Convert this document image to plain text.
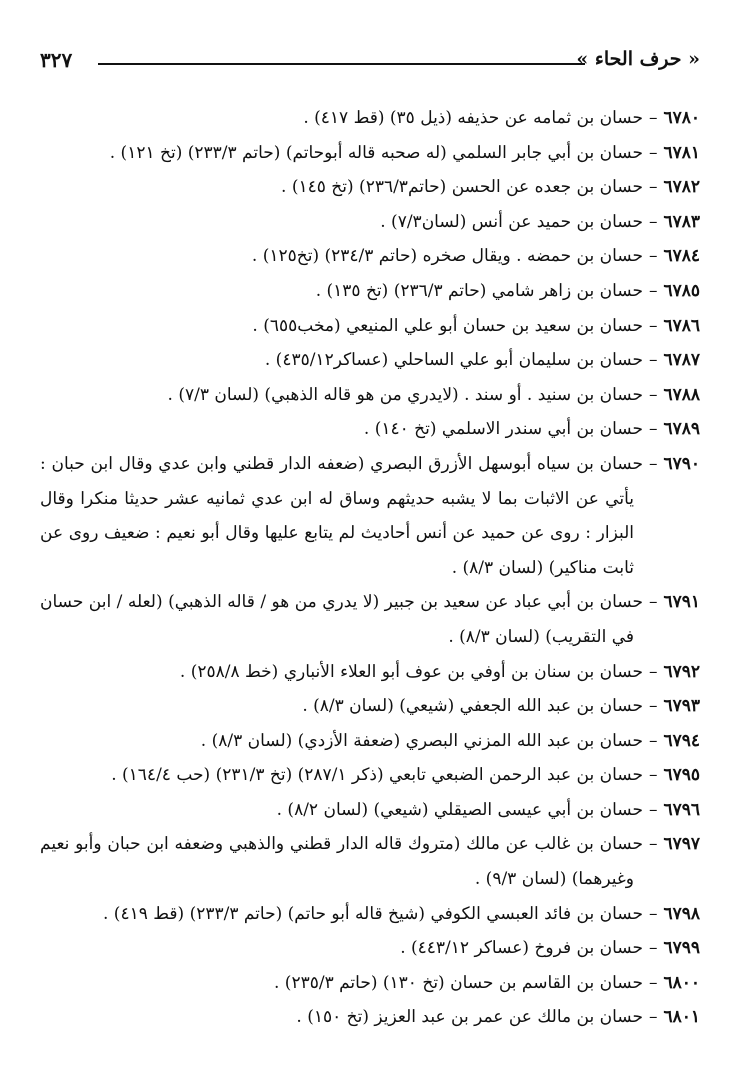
« حرف الحاء »
٣٢٧
٦٧٨٠–حسان بن ثمامه عن حذيفه (ذيل ٣٥) (قط ٤١٧) .
٦٧٨١–حسان بن أبي جابر السلمي (له صحبه قاله أبوحاتم) (حاتم ٢٣٣/٣) (تخ ١٢١) .
٦٧٨٢–حسان بن جعده عن الحسن (حاتم٢٣٦/٣) (تخ ١٤٥) .
٦٧٨٣–حسان بن حميد عن أنس (لسان٧/٣) .
٦٧٨٤–حسان بن حمضه . ويقال صخره (حاتم ٢٣٤/٣) (تخ١٢٥) .
٦٧٨٥–حسان بن زاهر شامي (حاتم ٢٣٦/٣) (تخ ١٣٥) .
٦٧٨٦–حسان بن سعيد بن حسان أبو علي المنيعي (مخب٦٥٥) .
٦٧٨٧–حسان بن سليمان أبو علي الساحلي (عساكر٤٣٥/١٢) .
٦٧٨٨–حسان بن سنيد . أو سند . (لايدري من هو قاله الذهبي) (لسان ٧/٣) .
٦٧٨٩–حسان بن أبي سندر الاسلمي (تخ ١٤٠) .
٦٧٩٠–حسان بن سياه أبوسهل الأزرق البصري (ضعفه الدار قطني وابن عدي وقال ابن حبان : يأتي عن الاثبات بما لا يشبه حديثهم وساق له ابن عدي ثمانيه عشر حديثا منكرا وقال البزار : روى عن حميد عن أنس أحاديث لم يتابع عليها وقال أبو نعيم : ضعيف روى عن ثابت مناكير) (لسان ٨/٣) .
٦٧٩١–حسان بن أبي عباد عن سعيد بن جبير (لا يدري من هو / قاله الذهبي) (لعله / ابن حسان في التقريب) (لسان ٨/٣) .
٦٧٩٢–حسان بن سنان بن أوفي بن عوف أبو العلاء الأنباري (خط ٢٥٨/٨) .
٦٧٩٣–حسان بن عبد الله الجعفي (شيعي) (لسان ٨/٣) .
٦٧٩٤–حسان بن عبد الله المزني البصري (ضعفة الأزدي) (لسان ٨/٣) .
٦٧٩٥–حسان بن عبد الرحمن الضبعي تابعي (ذكر ٢٨٧/١) (تخ ٢٣١/٣) (حب ١٦٤/٤) .
٦٧٩٦–حسان بن أبي عيسى الصيقلي (شيعي) (لسان ٨/٢) .
٦٧٩٧–حسان بن غالب عن مالك (متروك قاله الدار قطني والذهبي وضعفه ابن حبان وأبو نعيم وغيرهما) (لسان ٩/٣) .
٦٧٩٨–حسان بن فائد العبسي الكوفي (شيخ قاله أبو حاتم) (حاتم ٢٣٣/٣) (قط ٤١٩) .
٦٧٩٩–حسان بن فروخ (عساكر ٤٤٣/١٢) .
٦٨٠٠–حسان بن القاسم بن حسان (تخ ١٣٠) (حاتم ٢٣٥/٣) .
٦٨٠١–حسان بن مالك عن عمر بن عبد العزيز (تخ ١٥٠) .
